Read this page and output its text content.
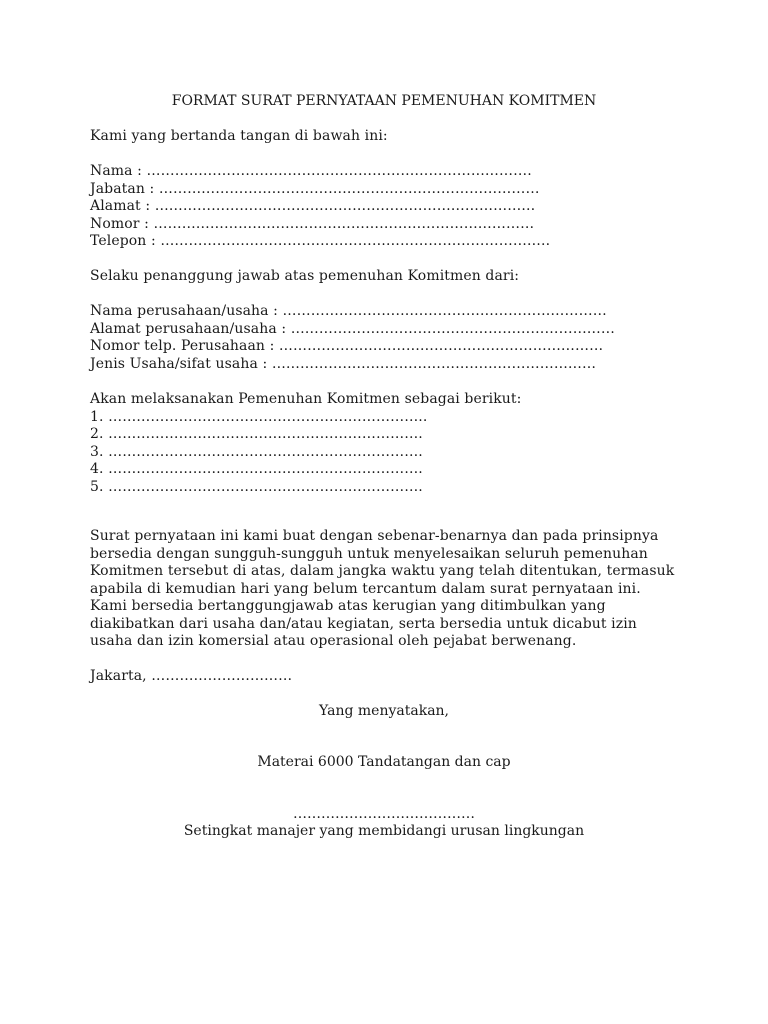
FORMAT SURAT PERNYATAAN PEMENUHAN KOMITMEN
Kami yang bertanda tangan di bawah ini:
Nama : ……………………………………………………………………….
Jabatan : ………………………………………………………………………
Alamat : ………………………………………………………………………
Nomor : ………………………………………………………………………
Telepon : ………………………………………………………………………..
Selaku penanggung jawab atas pemenuhan Komitmen dari:
Nama perusahaan/usaha : ……………………………………………………………
Alamat perusahaan/usaha : ……………………………………………………………
Nomor telp. Perusahaan : ……………………………………………………………
Jenis Usaha/sifat usaha : ……………………………………………………………
Akan melaksanakan Pemenuhan Komitmen sebagai berikut:
1. …………………………………………………………..
2. ………………………………………………………….
3. ………………………………………………………….
4. ………………………………………………………….
5. ………………………………………………………….
Surat pernyataan ini kami buat dengan sebenar-benarnya dan pada prinsipnya
bersedia dengan sungguh-sungguh untuk menyelesaikan seluruh pemenuhan
Komitmen tersebut di atas, dalam jangka waktu yang telah ditentukan, termasuk
apabila di kemudian hari yang belum tercantum dalam surat pernyataan ini.
Kami bersedia bertanggungjawab atas kerugian yang ditimbulkan yang
diakibatkan dari usaha dan/atau kegiatan, serta bersedia untuk dicabut izin
usaha dan izin komersial atau operasional oleh pejabat berwenang.
Jakarta, …………………………
Yang menyatakan,
Materai 6000 Tandatangan dan cap
…………………………………
Setingkat manajer yang membidangi urusan lingkungan
